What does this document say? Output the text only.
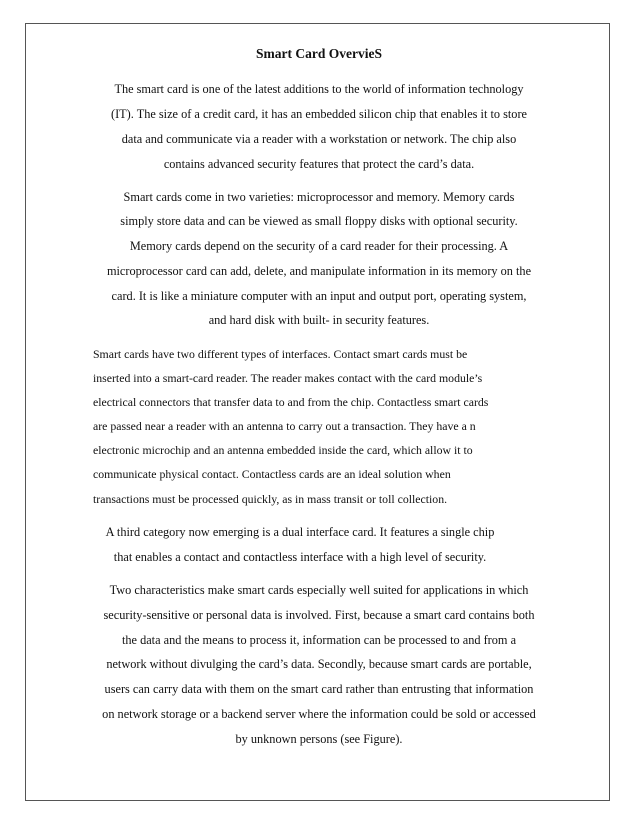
Smart Card OvervieS
The smart card is one of the latest additions to the world of information technology
(IT). The size of a credit card, it has an embedded silicon chip that enables it to store
data and communicate via a reader with a workstation or network. The chip also
contains advanced security features that protect the card’s data.
Smart cards come in two varieties: microprocessor and memory. Memory cards
simply store data and can be viewed as small floppy disks with optional security.
Memory cards depend on the security of a card reader for their processing. A
microprocessor card can add, delete, and manipulate information in its memory on the
card. It is like a miniature computer with an input and output port, operating system,
and hard disk with built- in security features.
Smart cards have two different types of interfaces. Contact smart cards must be
inserted into a smart-card reader. The reader makes contact with the card module’s
electrical connectors that transfer data to and from the chip. Contactless smart cards
are passed near a reader with an antenna to carry out a transaction. They have a n
electronic microchip and an antenna embedded inside the card, which allow it to
communicate physical contact. Contactless cards are an ideal solution when
transactions must be processed quickly, as in mass transit or toll collection.
A third category now emerging is a dual interface card. It features a single chip
that enables a contact and contactless interface with a high level of security.
Two characteristics make smart cards especially well suited for applications in which
security-sensitive or personal data is involved. First, because a smart card contains both
the data and the means to process it, information can be processed to and from a
network without divulging the card’s data. Secondly, because smart cards are portable,
users can carry data with them on the smart card rather than entrusting that information
on network storage or a backend server where the information could be sold or accessed
by unknown persons (see Figure).
